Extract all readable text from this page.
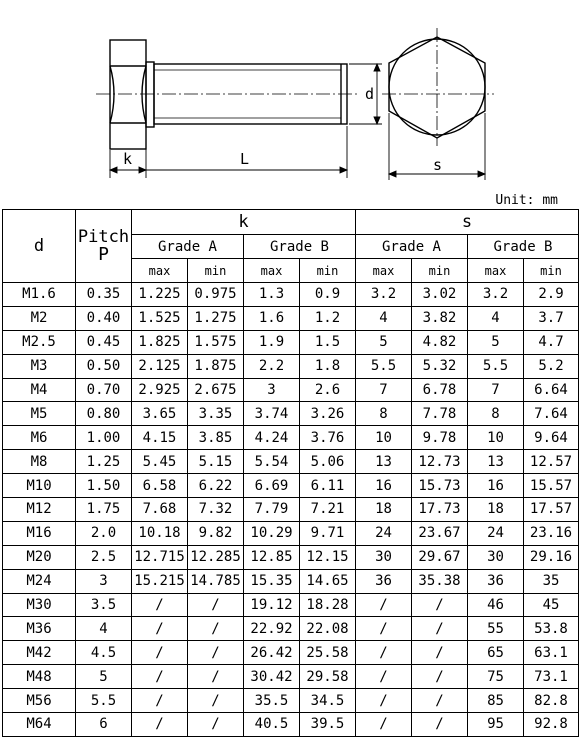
k	L
d
s
Unit: mm
d	Pitch
P	k				s			
		Grade A		Grade B		Grade A		Grade B	
		max	min	max	min	max	min	max	min
M1.6	0.35	1.225	0.975	1.3	0.9	3.2	3.02	3.2	2.9
M2	0.40	1.525	1.275	1.6	1.2	4	3.82	4	3.7
M2.5	0.45	1.825	1.575	1.9	1.5	5	4.82	5	4.7
M3	0.50	2.125	1.875	2.2	1.8	5.5	5.32	5.5	5.2
M4	0.70	2.925	2.675	3	2.6	7	6.78	7	6.64
M5	0.80	3.65	3.35	3.74	3.26	8	7.78	8	7.64
M6	1.00	4.15	3.85	4.24	3.76	10	9.78	10	9.64
M8	1.25	5.45	5.15	5.54	5.06	13	12.73	13	12.57
M10	1.50	6.58	6.22	6.69	6.11	16	15.73	16	15.57
M12	1.75	7.68	7.32	7.79	7.21	18	17.73	18	17.57
M16	2.0	10.18	9.82	10.29	9.71	24	23.67	24	23.16
M20	2.5	12.715	12.285	12.85	12.15	30	29.67	30	29.16
M24	3	15.215	14.785	15.35	14.65	36	35.38	36	35
M30	3.5	/	/	19.12	18.28	/	/	46	45
M36	4	/	/	22.92	22.08	/	/	55	53.8
M42	4.5	/	/	26.42	25.58	/	/	65	63.1
M48	5	/	/	30.42	29.58	/	/	75	73.1
M56	5.5	/	/	35.5	34.5	/	/	85	82.8
M64	6	/	/	40.5	39.5	/	/	95	92.8
